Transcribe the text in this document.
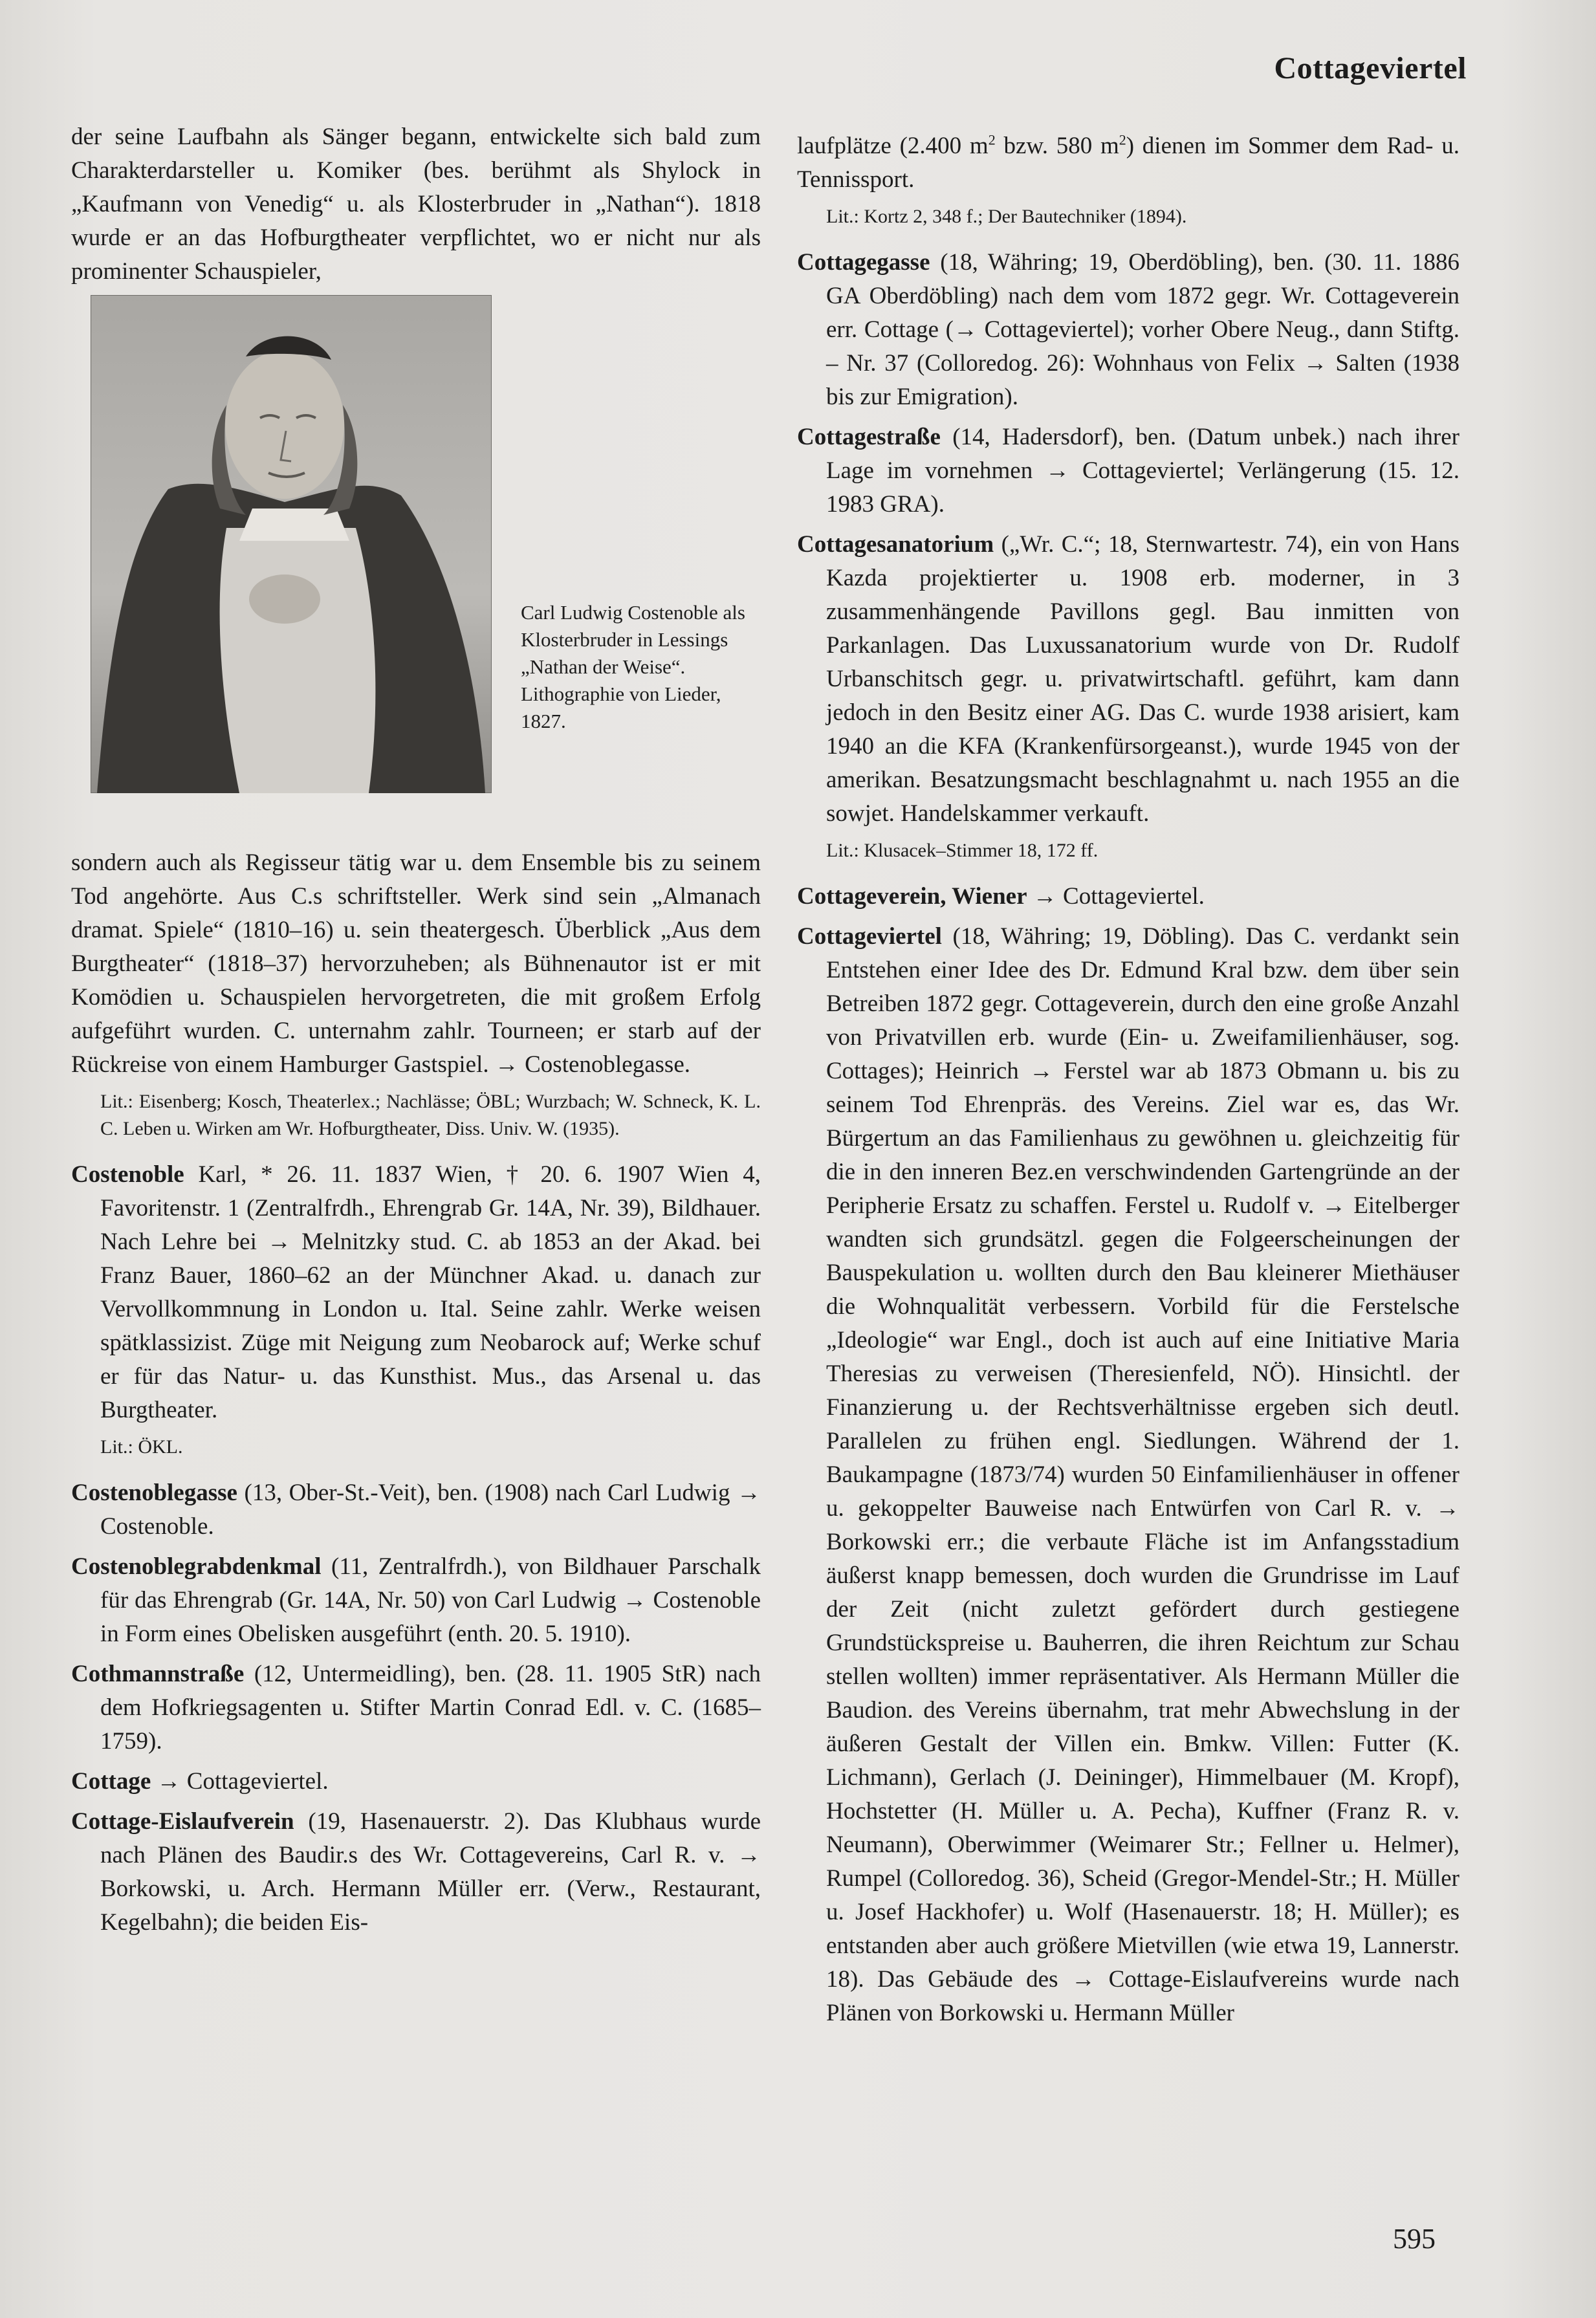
Cottageviertel
der seine Laufbahn als Sänger begann, entwickelte sich bald zum Charakterdarsteller u. Komiker (bes. berühmt als Shylock in „Kaufmann von Venedig“ u. als Klosterbruder in „Nathan“). 1818 wurde er an das Hofburgtheater verpflichtet, wo er nicht nur als prominenter Schauspieler,
Carl Ludwig Costenoble als Klosterbruder in Lessings „Nathan der Weise“. Lithographie von Lieder, 1827.
sondern auch als Regisseur tätig war u. dem Ensemble bis zu seinem Tod angehörte. Aus C.s schriftsteller. Werk sind sein „Almanach dramat. Spiele“ (1810–16) u. sein theatergesch. Überblick „Aus dem Burgtheater“ (1818–37) hervorzuheben; als Bühnenautor ist er mit Komödien u. Schauspielen hervorgetreten, die mit großem Erfolg aufgeführt wurden. C. unternahm zahlr. Tourneen; er starb auf der Rückreise von einem Hamburger Gastspiel. → Costenoblegasse.
Lit.: Eisenberg; Kosch, Theaterlex.; Nachlässe; ÖBL; Wurzbach; W. Schneck, K. L. C. Leben u. Wirken am Wr. Hofburgtheater, Diss. Univ. W. (1935).
Costenoble Karl, * 26. 11. 1837 Wien, † 20. 6. 1907 Wien 4, Favoritenstr. 1 (Zentralfrdh., Ehrengrab Gr. 14A, Nr. 39), Bildhauer. Nach Lehre bei → Melnitzky stud. C. ab 1853 an der Akad. bei Franz Bauer, 1860–62 an der Münchner Akad. u. danach zur Vervollkommnung in London u. Ital. Seine zahlr. Werke weisen spätklassizist. Züge mit Neigung zum Neobarock auf; Werke schuf er für das Natur- u. das Kunsthist. Mus., das Arsenal u. das Burgtheater.
Lit.: ÖKL.
Costenoblegasse (13, Ober-St.-Veit), ben. (1908) nach Carl Ludwig → Costenoble.
Costenoblegrabdenkmal (11, Zentralfrdh.), von Bildhauer Parschalk für das Ehrengrab (Gr. 14A, Nr. 50) von Carl Ludwig → Costenoble in Form eines Obelisken ausgeführt (enth. 20. 5. 1910).
Cothmannstraße (12, Untermeidling), ben. (28. 11. 1905 StR) nach dem Hofkriegsagenten u. Stifter Martin Conrad Edl. v. C. (1685–1759).
Cottage → Cottageviertel.
Cottage-Eislaufverein (19, Hasenauerstr. 2). Das Klubhaus wurde nach Plänen des Baudir.s des Wr. Cottagevereins, Carl R. v. → Borkowski, u. Arch. Hermann Müller err. (Verw., Restaurant, Kegelbahn); die beiden Eis-
laufplätze (2.400 $m^2$ bzw. 580 $m^2$) dienen im Sommer dem Rad- u. Tennissport.
Lit.: Kortz 2, 348 f.; Der Bautechniker (1894).
Cottagegasse (18, Währing; 19, Oberdöbling), ben. (30. 11. 1886 GA Oberdöbling) nach dem vom 1872 gegr. Wr. Cottageverein err. Cottage (→ Cottageviertel); vorher Obere Neug., dann Stiftg. – Nr. 37 (Colloredog. 26): Wohnhaus von Felix → Salten (1938 bis zur Emigration).
Cottagestraße (14, Hadersdorf), ben. (Datum unbek.) nach ihrer Lage im vornehmen → Cottageviertel; Verlängerung (15. 12. 1983 GRA).
Cottagesanatorium („Wr. C.“; 18, Sternwartestr. 74), ein von Hans Kazda projektierter u. 1908 erb. moderner, in 3 zusammenhängende Pavillons gegl. Bau inmitten von Parkanlagen. Das Luxussanatorium wurde von Dr. Rudolf Urbanschitsch gegr. u. privatwirtschaftl. geführt, kam dann jedoch in den Besitz einer AG. Das C. wurde 1938 arisiert, kam 1940 an die KFA (Krankenfürsorgeanst.), wurde 1945 von der amerikan. Besatzungsmacht beschlagnahmt u. nach 1955 an die sowjet. Handelskammer verkauft.
Lit.: Klusacek–Stimmer 18, 172 ff.
Cottageverein, Wiener → Cottageviertel.
Cottageviertel (18, Währing; 19, Döbling). Das C. verdankt sein Entstehen einer Idee des Dr. Edmund Kral bzw. dem über sein Betreiben 1872 gegr. Cottageverein, durch den eine große Anzahl von Privatvillen erb. wurde (Ein- u. Zweifamilienhäuser, sog. Cottages); Heinrich → Ferstel war ab 1873 Obmann u. bis zu seinem Tod Ehrenpräs. des Vereins. Ziel war es, das Wr. Bürgertum an das Familienhaus zu gewöhnen u. gleichzeitig für die in den inneren Bez.en verschwindenden Gartengründe an der Peripherie Ersatz zu schaffen. Ferstel u. Rudolf v. → Eitelberger wandten sich grundsätzl. gegen die Folgeerscheinungen der Bauspekulation u. wollten durch den Bau kleinerer Miethäuser die Wohnqualität verbessern. Vorbild für die Ferstelsche „Ideologie“ war Engl., doch ist auch auf eine Initiative Maria Theresias zu verweisen (Theresienfeld, NÖ). Hinsichtl. der Finanzierung u. der Rechtsverhältnisse ergeben sich deutl. Parallelen zu frühen engl. Siedlungen. Während der 1. Baukampagne (1873/74) wurden 50 Einfamilienhäuser in offener u. gekoppelter Bauweise nach Entwürfen von Carl R. v. → Borkowski err.; die verbaute Fläche ist im Anfangsstadium äußerst knapp bemessen, doch wurden die Grundrisse im Lauf der Zeit (nicht zuletzt gefördert durch gestiegene Grundstückspreise u. Bauherren, die ihren Reichtum zur Schau stellen wollten) immer repräsentativer. Als Hermann Müller die Baudion. des Vereins übernahm, trat mehr Abwechslung in der äußeren Gestalt der Villen ein. Bmkw. Villen: Futter (K. Lichmann), Gerlach (J. Deininger), Himmelbauer (M. Kropf), Hochstetter (H. Müller u. A. Pecha), Kuffner (Franz R. v. Neumann), Oberwimmer (Weimarer Str.; Fellner u. Helmer), Rumpel (Colloredog. 36), Scheid (Gregor-Mendel-Str.; H. Müller u. Josef Hackhofer) u. Wolf (Hasenauerstr. 18; H. Müller); es entstanden aber auch größere Mietvillen (wie etwa 19, Lannerstr. 18). Das Gebäude des → Cottage-Eislaufvereins wurde nach Plänen von Borkowski u. Hermann Müller
595
